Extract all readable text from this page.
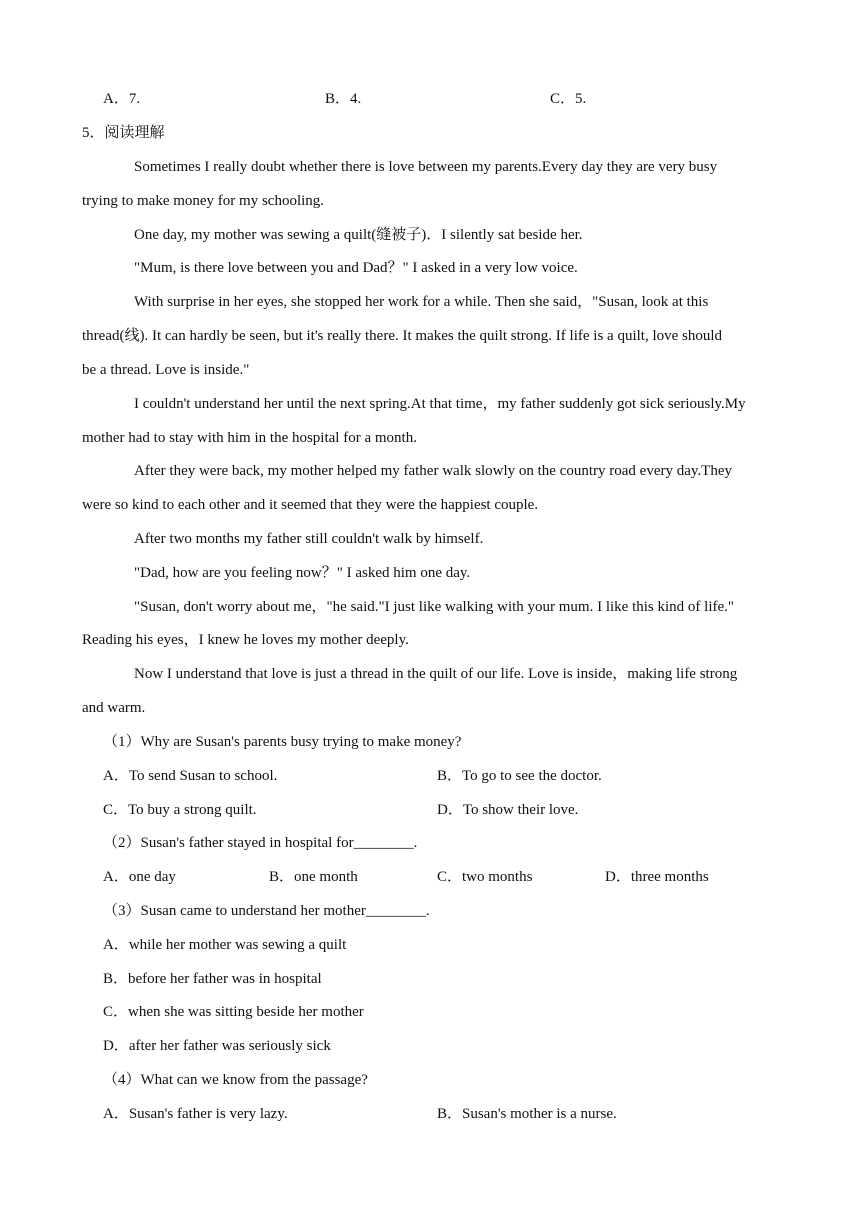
A．7.	B．4.	C．5.
5．阅读理解
Sometimes I really doubt whether there is love between my parents.Every day they are very busy
trying to make money for my schooling.
One day, my mother was sewing a quilt(缝被子)．I silently sat beside her.
"Mum, is there love between you and Dad？" I asked in a very low voice.
With surprise in her eyes, she stopped her work for a while. Then she said，"Susan, look at this
thread(线). It can hardly be seen, but it's really there. It makes the quilt strong. If life is a quilt, love should
be a thread. Love is inside."
I couldn't understand her until the next spring.At that time，my father suddenly got sick seriously.My
mother had to stay with him in the hospital for a month.
After they were back, my mother helped my father walk slowly on the country road every day.They
were so kind to each other and it seemed that they were the happiest couple.
After two months my father still couldn't walk by himself.
"Dad, how are you feeling now？" I asked him one day.
"Susan, don't worry about me，"he said."I just like walking with your mum. I like this kind of life."
Reading his eyes，I knew he loves my mother deeply.
Now I understand that love is just a thread in the quilt of our life. Love is inside，making life strong
and warm.
（1）Why are Susan's parents busy trying to make money?
A．To send Susan to school.	B．To go to see the doctor.
C．To buy a strong quilt.	D．To show their love.
（2）Susan's father stayed in hospital for________.
A．one day	B．one month	C．two months	D．three months
（3）Susan came to understand her mother________.
A．while her mother was sewing a quilt
B．before her father was in hospital
C．when she was sitting beside her mother
D．after her father was seriously sick
（4）What can we know from the passage?
A．Susan's father is very lazy.	B．Susan's mother is a nurse.
